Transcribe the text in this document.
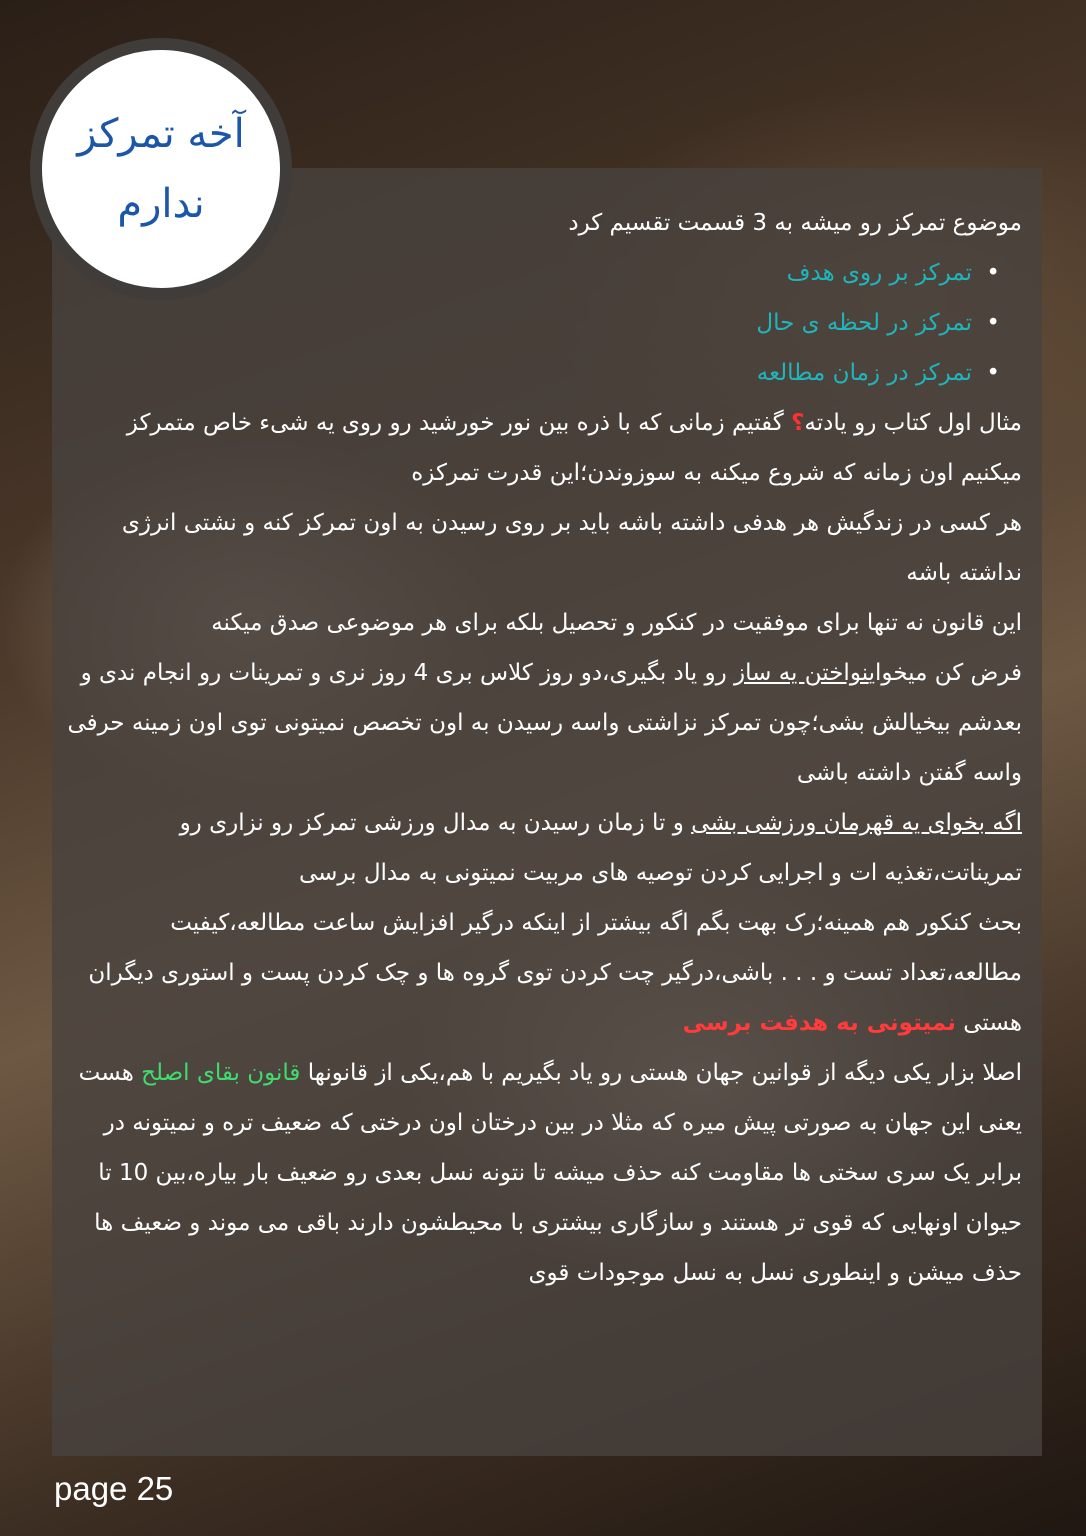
آخه تمرکز
ندارم	موضوع تمرکز رو میشه به 3 قسمت تقسیم کرد

• تمرکز بر روی هدف
• تمرکز در لحظه ی حال
• تمرکز در زمان مطالعه

مثال اول کتاب رو یادته؟ گفتیم زمانی که با ذره بین نور خورشید رو روی یه شیء خاص متمرکز میکنیم اون زمانه که شروع میکنه به سوزوندن؛این قدرت تمرکزه

هر کسی در زندگیش هر هدفی داشته باشه باید بر روی رسیدن به اون تمرکز کنه و نشتی انرژی نداشته باشه

این قانون نه تنها برای موفقیت در کنکور و تحصیل بلکه برای هر موضوعی صدق میکنه

فرض کن میخواینواختن یه ساز رو یاد بگیری،دو روز کلاس بری 4 روز نری و تمرینات رو انجام ندی و بعدشم بیخیالش بشی؛چون تمرکز نزاشتی واسه رسیدن به اون تخصص نمیتونی توی اون زمینه حرفی واسه گفتن داشته باشی

اگه بخوای یه قهرمان ورزشی بشی و تا زمان رسیدن به مدال ورزشی تمرکز رو نزاری رو تمریناتت،تغذیه ات و اجرایی کردن توصیه های مربیت نمیتونی به مدال برسی

بحث کنکور هم همینه؛رک بهت بگم اگه بیشتر از اینکه درگیر افزایش ساعت مطالعه،کیفیت مطالعه،تعداد تست و . . . باشی،درگیر چت کردن توی گروه ها و چک کردن پست و استوری دیگران هستی نمیتونی به هدفت برسی

اصلا بزار یکی دیگه از قوانین جهان هستی رو یاد بگیریم با هم،یکی از قانونها قانون بقای اصلح هست یعنی این جهان به صورتی پیش میره که مثلا در بین درختان اون درختی که ضعیف تره و نمیتونه در برابر یک سری سختی ها مقاومت کنه حذف میشه تا نتونه نسل بعدی رو ضعیف بار بیاره،بین 10 تا حیوان اونهایی که قوی تر هستند و سازگاری بیشتری با محیطشون دارند باقی می موند و ضعیف ها حذف میشن و اینطوری نسل به نسل موجودات قوی

page 25
